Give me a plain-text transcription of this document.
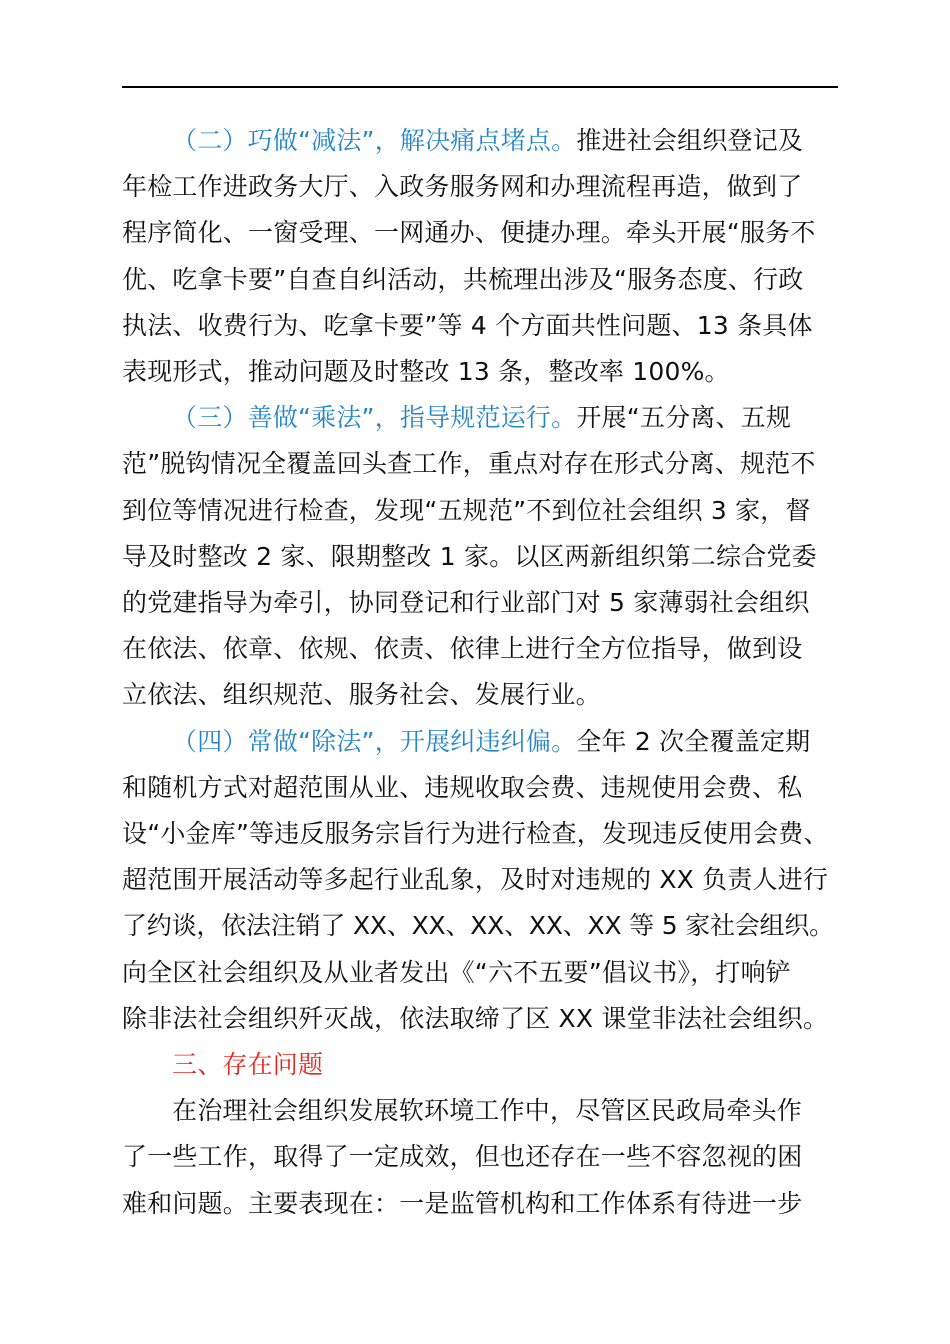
（二）巧做“减法”，解决痛点堵点。推进社会组织登记及
年检工作进政务大厅、入政务服务网和办理流程再造，做到了
程序简化、一窗受理、一网通办、便捷办理。牵头开展“服务不
优、吃拿卡要”自查自纠活动，共梳理出涉及“服务态度、行政
执法、收费行为、吃拿卡要”等 4 个方面共性问题、13 条具体
表现形式，推动问题及时整改 13 条，整改率 100%。

（三）善做“乘法”，指导规范运行。开展“五分离、五规
范”脱钩情况全覆盖回头查工作，重点对存在形式分离、规范不
到位等情况进行检查，发现“五规范”不到位社会组织 3 家，督
导及时整改 2 家、限期整改 1 家。以区两新组织第二综合党委
的党建指导为牵引，协同登记和行业部门对 5 家薄弱社会组织
在依法、依章、依规、依责、依律上进行全方位指导，做到设
立依法、组织规范、服务社会、发展行业。

（四）常做“除法”，开展纠违纠偏。全年 2 次全覆盖定期
和随机方式对超范围从业、违规收取会费、违规使用会费、私
设“小金库”等违反服务宗旨行为进行检查，发现违反使用会费、
超范围开展活动等多起行业乱象，及时对违规的 XX 负责人进行
了约谈，依法注销了 XX、XX、XX、XX、XX 等 5 家社会组织。
向全区社会组织及从业者发出《“六不五要”倡议书》，打响铲
除非法社会组织歼灭战，依法取缔了区 XX 课堂非法社会组织。

三、存在问题

在治理社会组织发展软环境工作中，尽管区民政局牵头作
了一些工作，取得了一定成效，但也还存在一些不容忽视的困
难和问题。主要表现在：一是监管机构和工作体系有待进一步
